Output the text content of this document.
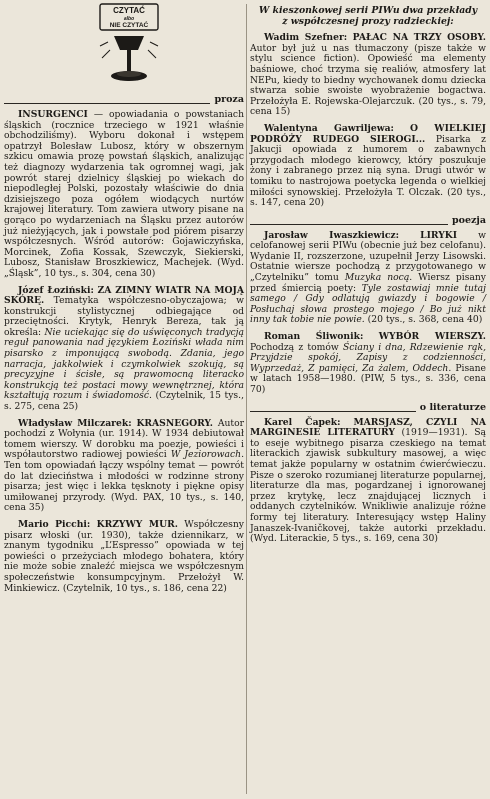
CZYTAĆ
albo
NIE CZYTAĆ
proza
INSURGENCI — opowiadania o powstaniach śląskich (rocznice trzeciego w 1921 właśnie obchodziliśmy). Wyboru dokonał i wstępem opatrzył Bolesław Lubosz, który w obszernym szkicu omawia prozę powstań śląskich, analizując też diagnozy wydarzenia tak ogromnej wagi, jak powrót starej dzielnicy śląskiej po wiekach do niepodległej Polski, pozostały właściwie do dnia dzisiejszego poza ogółem wiodących nurtów krajowej literatury. Tom zawiera utwory pisane na gorąco po wydarzeniach na Śląsku przez autorów już nieżyjących, jak i powstałe pod piórem pisarzy współczesnych. Wśród autorów: Gojawiczyńska, Morcinek, Zofia Kossak, Szewczyk, Siekierski, Lubosz, Stanisław Broszkiewicz, Machejek. (Wyd. „Śląsk”, 10 tys., s. 304, cena 30)
Józef Łoziński: ZA ZIMNY WIATR NA MOJĄ SKÓRĘ. Tematyka współczesno-obyczajowa; w konstrukcji stylistycznej odbiegające od przeciętności. Krytyk, Henryk Bereza, tak ją określa: Nie uciekając się do uświęconych tradycją reguł panowania nad językiem Łoziński włada nim pisarsko z imponującą swobodą. Zdania, jego narracja, jakkolwiek i czymkolwiek szokują, są precyzyjne i ścisłe, są prawomocną literacko konstrukcją też postaci mowy wewnętrznej, która kształtują rozum i świadomość. (Czytelnik, 15 tys., s. 275, cena 25)
Władysław Milczarek: KRASNEGORY. Autor pochodzi z Wołynia (ur. 1914). W 1934 debiutował tomem wierszy. W dorobku ma poezje, powieści i współautorstwo radiowej powieści W Jeziorowach. Ten tom opowiadań łączy wspólny temat — powrót do lat dzieciństwa i młodości w rodzinne strony pisarza; jest więc i lekka tęsknoty i piękne opisy umiłowanej przyrody. (Wyd. PAX, 10 tys., s. 140, cena 35)
Mario Picchi: KRZYWY MUR. Współczesny pisarz włoski (ur. 1930), także dziennikarz, w znanym tygodniku „L’Espresso” opowiada w tej powieści o przeżyciach młodego bohatera, który nie może sobie znaleźć miejsca we współczesnym społeczeństwie konsumpcyjnym. Przełożył W. Minkiewicz. (Czytelnik, 10 tys., s. 186, cena 22)
W kieszonkowej serii PIWu dwa przekłady z współczesnej prozy radzieckiej:
Wadim Szefner: PAŁAC NA TRZY OSOBY. Autor był już u nas tłumaczony (pisze także w stylu science fiction). Opowieść ma elementy baśniowe, choć trzyma się realiów, atmosfery lat NEPu, kiedy to biedny wychowanek domu dziecka stwarza sobie swoiste wyobrażenie bogactwa. Przełożyła E. Rojewska-Olejarczuk. (20 tys., s. 79, cena 15)
Walentyna Gawriljewa: O WIELKIEJ PODRÓŻY RUDEGO SIEROGI... Pisarka z Jakucji opowiada z humorem o zabawnych przygodach młodego kierowcy, który poszukuje żony i zabranego przez nią syna. Drugi utwór w tomiku to nastrojowa poetycka legenda o wielkiej miłości synowskiej. Przełożyła T. Olczak. (20 tys., s. 147, cena 20)
poezja
Jarosław Iwaszkiewicz: LIRYKI w celofanowej serii PIWu (obecnie już bez celofanu). Wydanie II, rozszerzone, uzupełnił Jerzy Lisowski. Ostatnie wiersze pochodzą z przygotowanego w „Czytelniku” tomu Muzyka nocą. Wiersz pisany przed śmiercią poety: Tyle zostawiaj mnie tutaj samego / Gdy odlatują gwiazdy i bogowie / Posłuchaj słowa prostego mojego / Bo już nikt inny tak tobie nie powie. (20 tys., s. 368, cena 40)
Roman Śliwonik: WYBÓR WIERSZY. Pochodzą z tomów Ściany i dna, Rdzewienie rąk, Przyjdzie spokój, Zapisy z codzienności, Wyprzedaż, Z pamięci, Za żalem, Oddech. Pisane w latach 1958—1980. (PIW, 5 tys., s. 336, cena 70)
o literaturze
Karel Čapek: MARSJASZ, CZYLI NA MARGINESIE LITERATURY (1919—1931). Są to eseje wybitnego pisarza czeskiego na temat literackich zjawisk subkultury masowej, a więc temat jakże popularny w ostatnim ćwierćwieczu. Pisze o szeroko rozumianej literaturze popularnej, literaturze dla mas, pogardzanej i ignorowanej przez krytykę, lecz znajdującej licznych i oddanych czytelników. Wnikliwie analizuje różne formy tej literatury. Interesujący wstęp Haliny Janaszek-Ivaničkovej, także autorki przekładu. (Wyd. Literackie, 5 tys., s. 169, cena 30)
